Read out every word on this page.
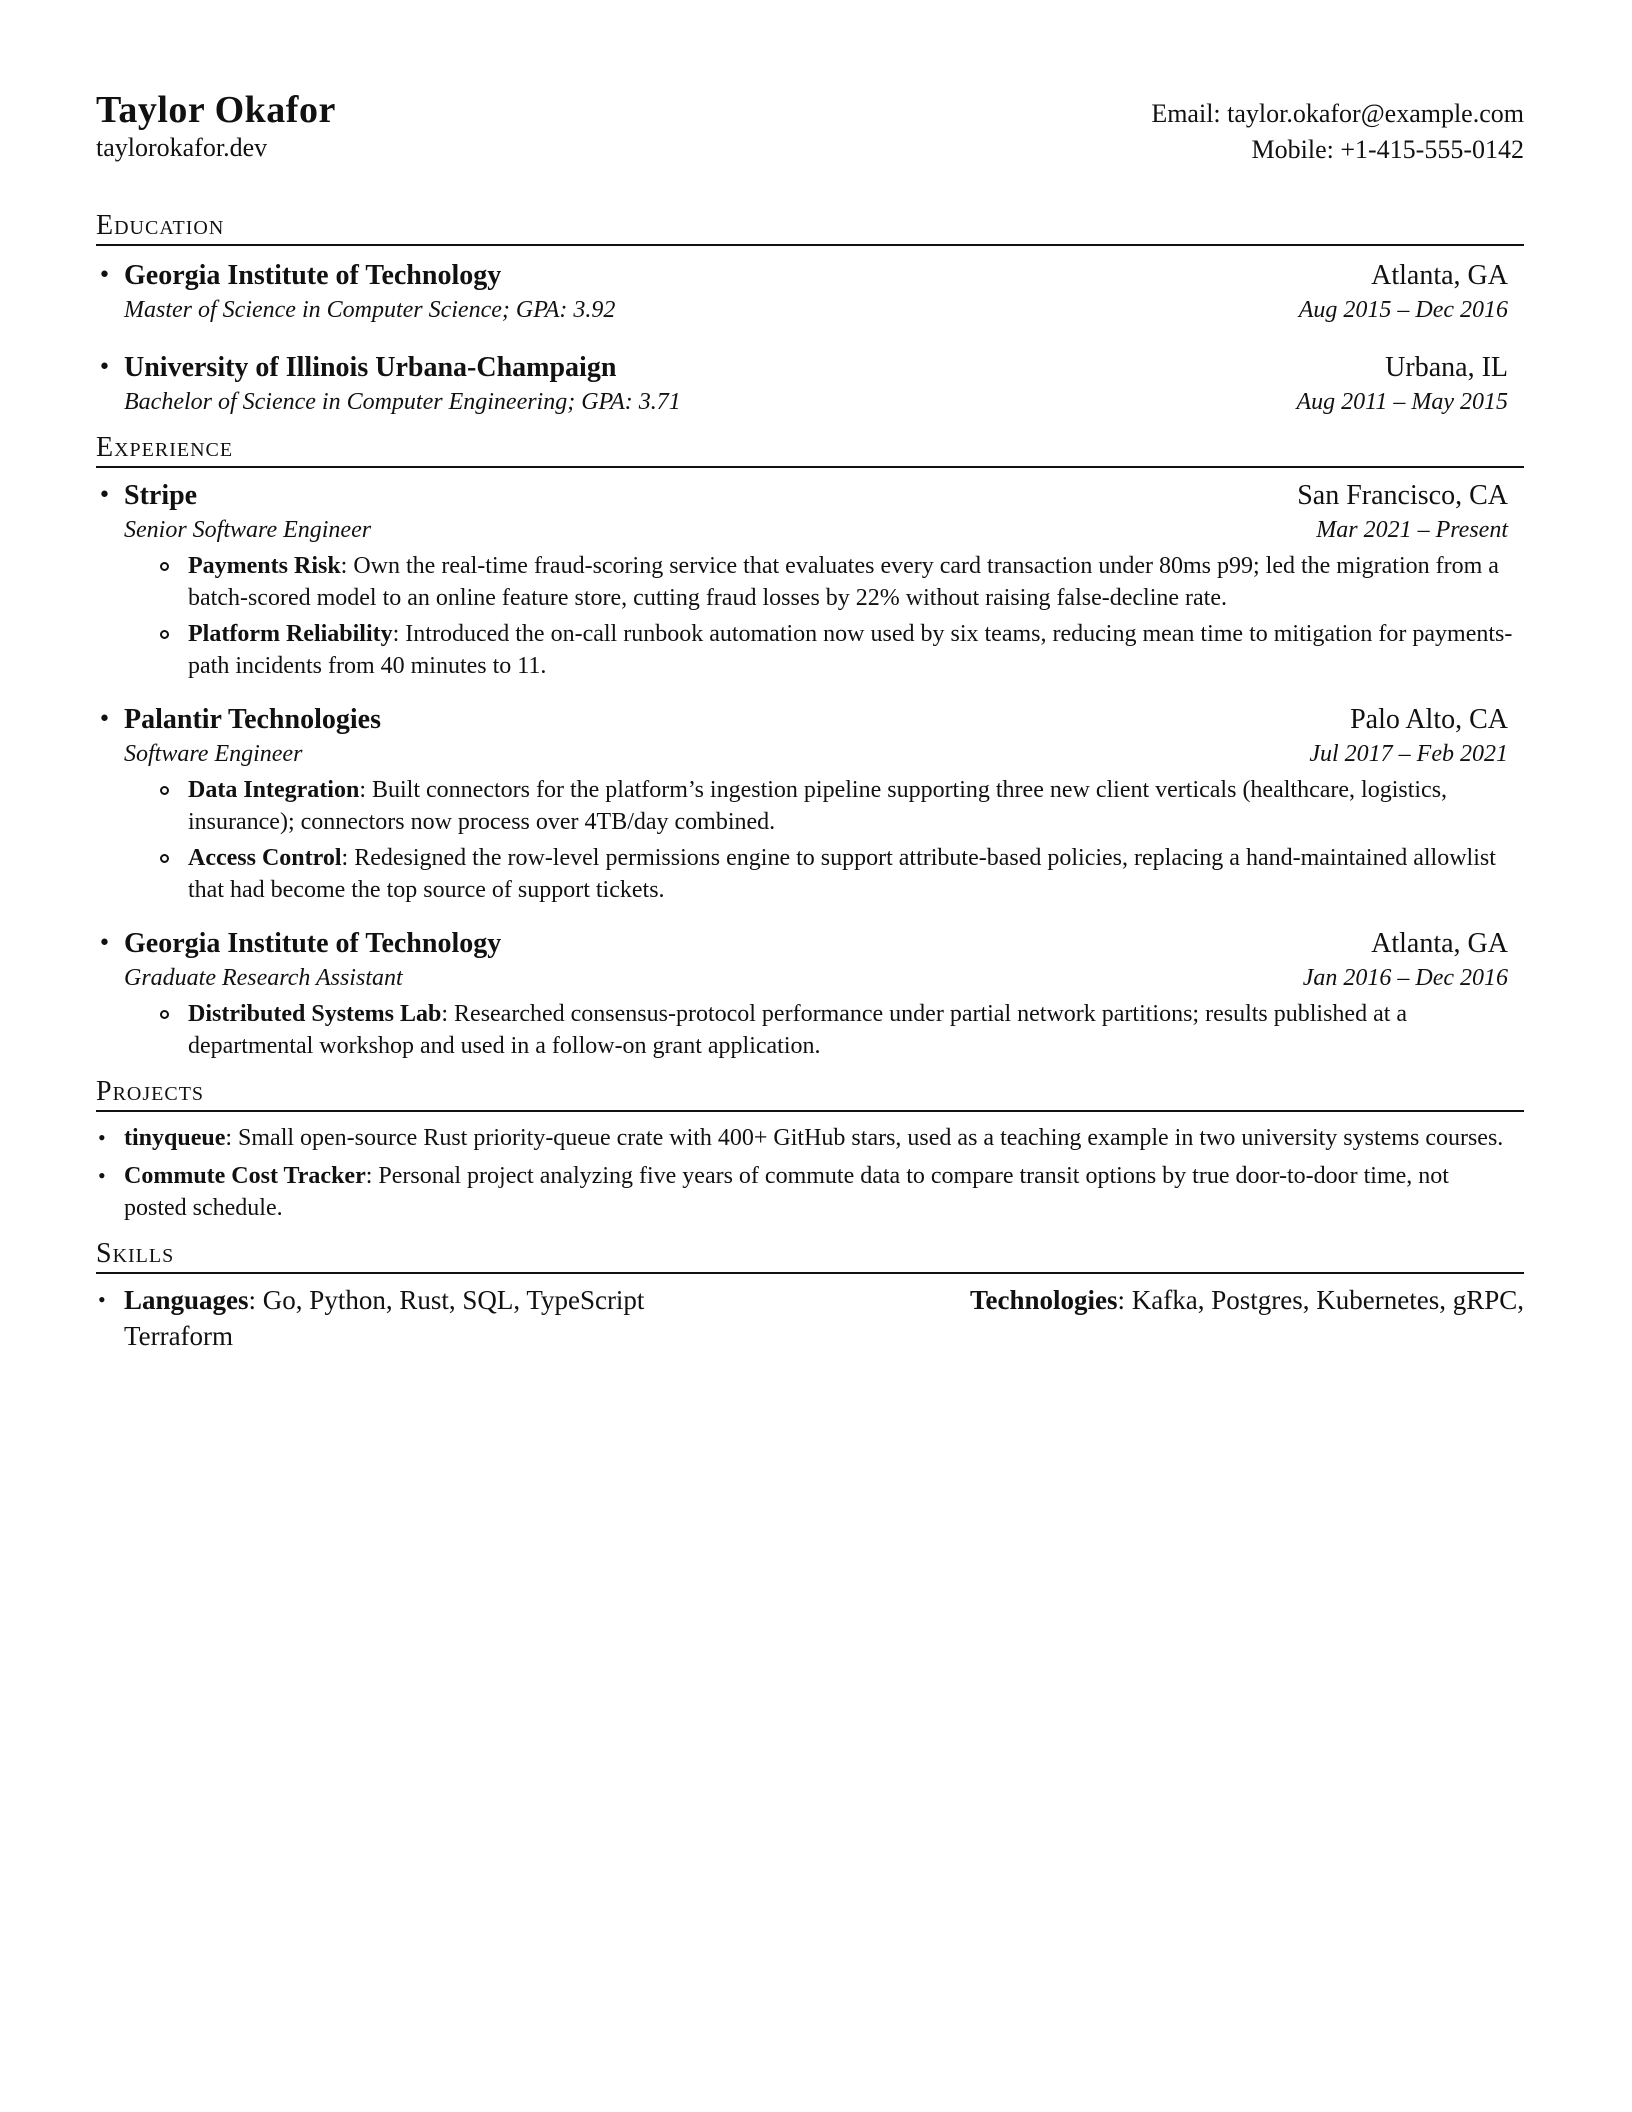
Taylor Okafor
taylorokafor.dev
Email: taylor.okafor@example.com
Mobile: +1-415-555-0142
Education
• Georgia Institute of Technology	Atlanta, GA
Master of Science in Computer Science; GPA: 3.92	Aug 2015 – Dec 2016
• University of Illinois Urbana-Champaign	Urbana, IL
Bachelor of Science in Computer Engineering; GPA: 3.71	Aug 2011 – May 2015
Experience
• Stripe	San Francisco, CA
Senior Software Engineer	Mar 2021 – Present
Payments Risk: Own the real-time fraud-scoring service that evaluates every card transaction under 80ms p99; led the migration from a batch-scored model to an online feature store, cutting fraud losses by 22% without raising false-decline rate.
Platform Reliability: Introduced the on-call runbook automation now used by six teams, reducing mean time to mitigation for payments-path incidents from 40 minutes to 11.
• Palantir Technologies	Palo Alto, CA
Software Engineer	Jul 2017 – Feb 2021
Data Integration: Built connectors for the platform’s ingestion pipeline supporting three new client verticals (healthcare, logistics, insurance); connectors now process over 4TB/day combined.
Access Control: Redesigned the row-level permissions engine to support attribute-based policies, replacing a hand-maintained allowlist that had become the top source of support tickets.
• Georgia Institute of Technology	Atlanta, GA
Graduate Research Assistant	Jan 2016 – Dec 2016
Distributed Systems Lab: Researched consensus-protocol performance under partial network partitions; results published at a departmental workshop and used in a follow-on grant application.
Projects
• tinyqueue: Small open-source Rust priority-queue crate with 400+ GitHub stars, used as a teaching example in two university systems courses.
• Commute Cost Tracker: Personal project analyzing five years of commute data to compare transit options by true door-to-door time, not posted schedule.
Skills
• Languages: Go, Python, Rust, SQL, TypeScript	Technologies: Kafka, Postgres, Kubernetes, gRPC,
Terraform
